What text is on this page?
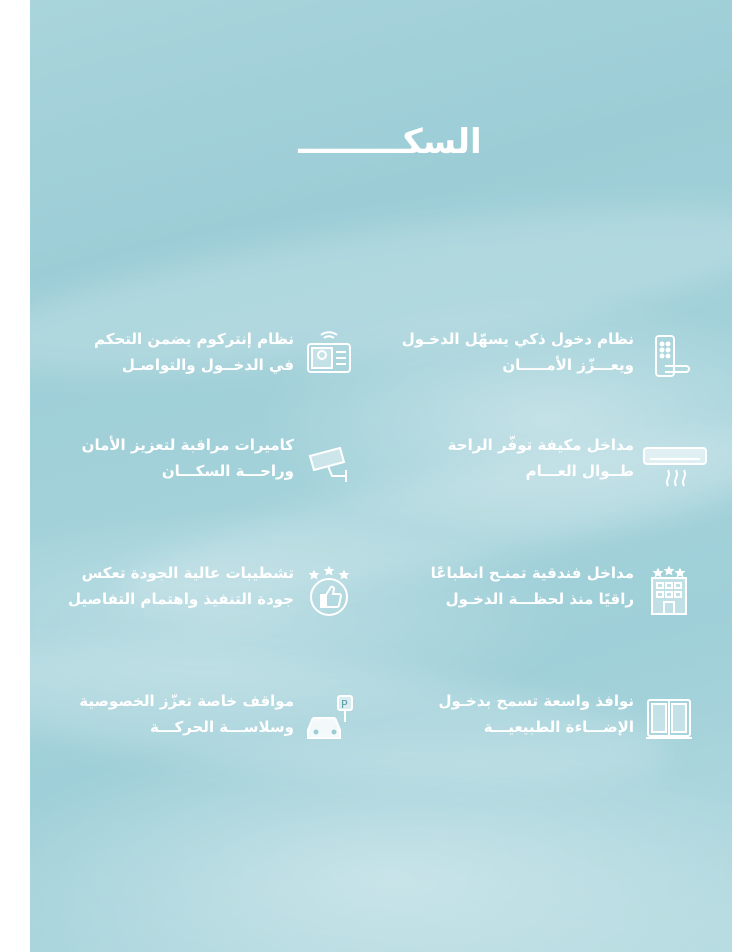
السكـــــــــ
نظام دخول ذكي يسهّل الدخـول
ويعـــزّز الأمـــــان
نظام إنتركوم يضمن التحكم
في الدخــول والتواصـل
مداخل مكيفة توفّر الراحة
طــوال العـــام
كاميرات مراقبة لتعزيز الأمان
وراحـــة السكـــان
مداخل فندقية تمنـح انطباعًا
راقيًا منذ لحظـــة الدخـول
تشطيبات عالية الجودة تعكس
جودة التنفيذ واهتمام التفاصيل
نوافذ واسعة تسمح بدخـول
الإضـــاءة الطبيعيـــة
مواقف خاصة تعزّز الخصوصية
وسلاســـة الحركـــة
P
